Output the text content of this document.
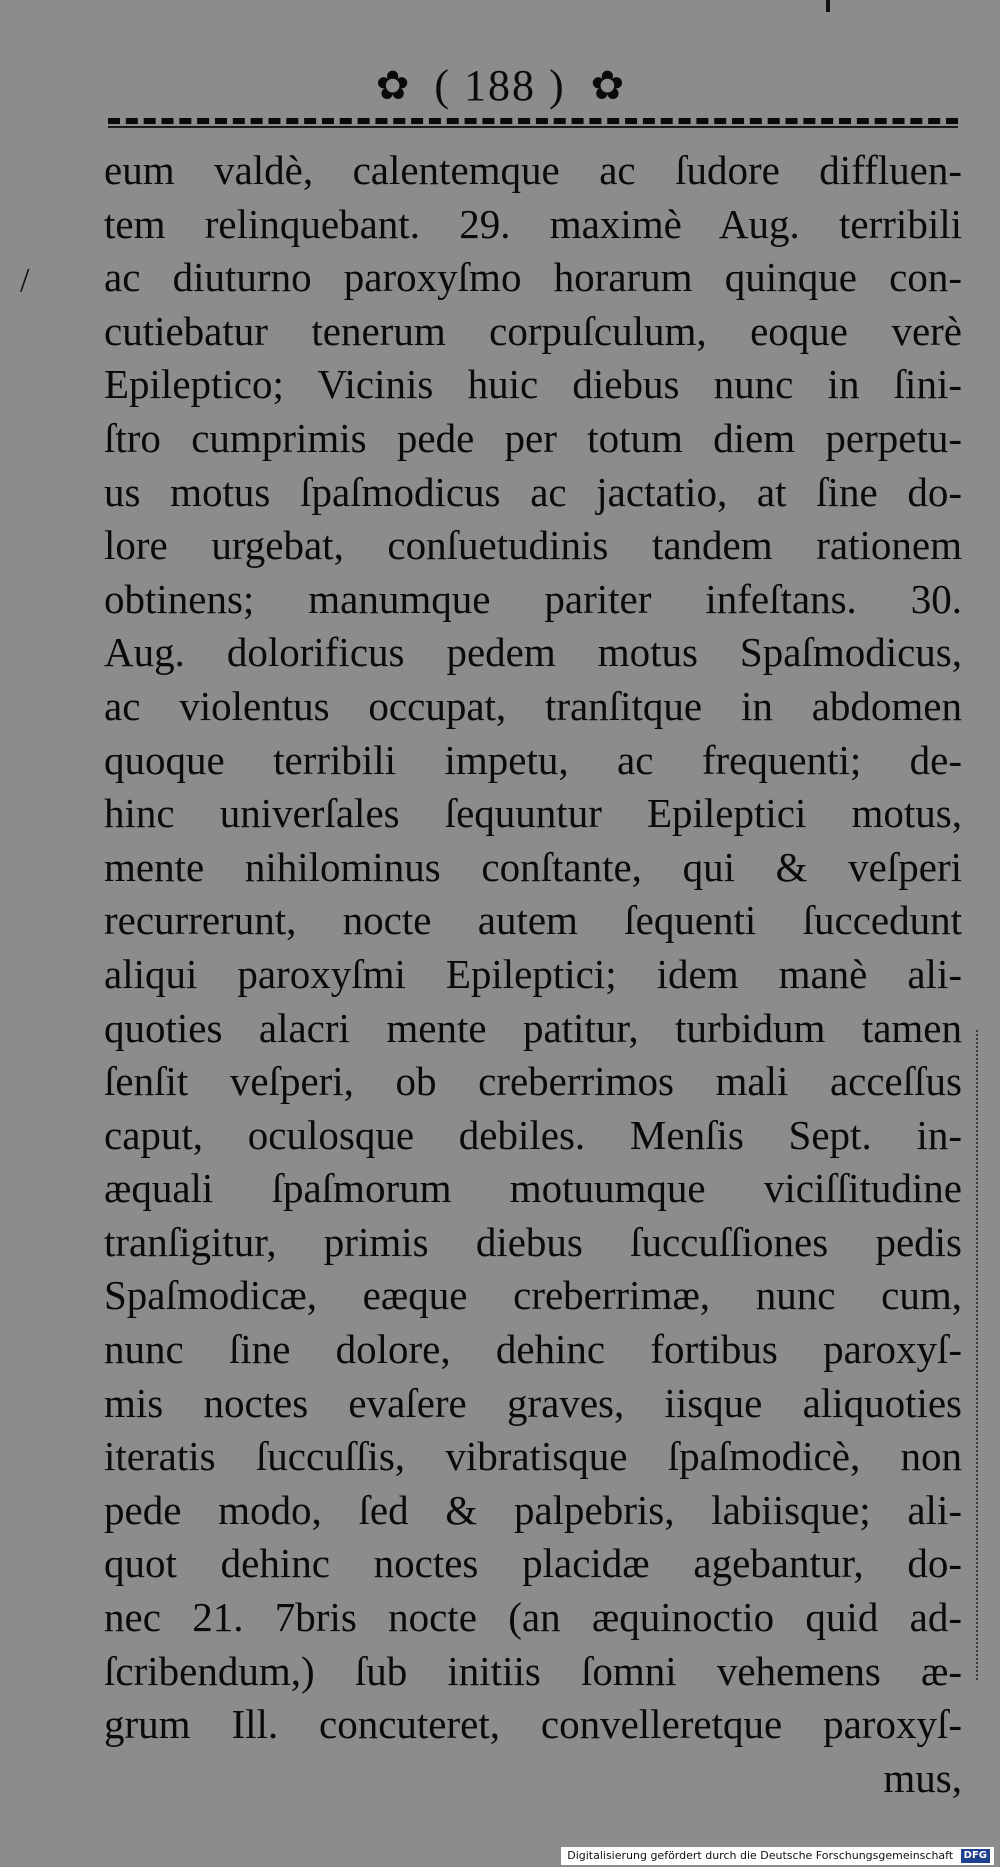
✿ ( 188 ) ✿
/
eum valdè, calentemque ac ſudore diffluen-
tem relinquebant. 29. maximè Aug. terribili
ac diuturno paroxyſmo horarum quinque con-
cutiebatur tenerum corpuſculum, eoque verè
Epileptico; Vicinis huic diebus nunc in ſini-
ſtro cumprimis pede per totum diem perpetu-
us motus ſpaſmodicus ac jactatio, at ſine do-
lore urgebat, conſuetudinis tandem rationem
obtinens; manumque pariter infeſtans. 30.
Aug. dolorificus pedem motus Spaſmodicus,
ac violentus occupat, tranſitque in abdomen
quoque terribili impetu, ac frequenti; de-
hinc univerſales ſequuntur Epileptici motus,
mente nihilominus conſtante, qui & veſperi
recurrerunt, nocte autem ſequenti ſuccedunt
aliqui paroxyſmi Epileptici; idem manè ali-
quoties alacri mente patitur, turbidum tamen
ſenſit veſperi, ob creberrimos mali acceſſus
caput, oculosque debiles. Menſis Sept. in-
æquali ſpaſmorum motuumque viciſſitudine
tranſigitur, primis diebus ſuccuſſiones pedis
Spaſmodicæ, eæque creberrimæ, nunc cum,
nunc ſine dolore, dehinc fortibus paroxyſ-
mis noctes evaſere graves, iisque aliquoties
iteratis ſuccuſſis, vibratisque ſpaſmodicè, non
pede modo, ſed & palpebris, labiisque; ali-
quot dehinc noctes placidæ agebantur, do-
nec 21. 7bris nocte (an æquinoctio quid ad-
ſcribendum,) ſub initiis ſomni vehemens æ-
grum Ill. concuteret, convelleretque paroxyſ-
mus,
Digitalisierung gefördert durch die Deutsche Forschungsgemeinschaft DFG
